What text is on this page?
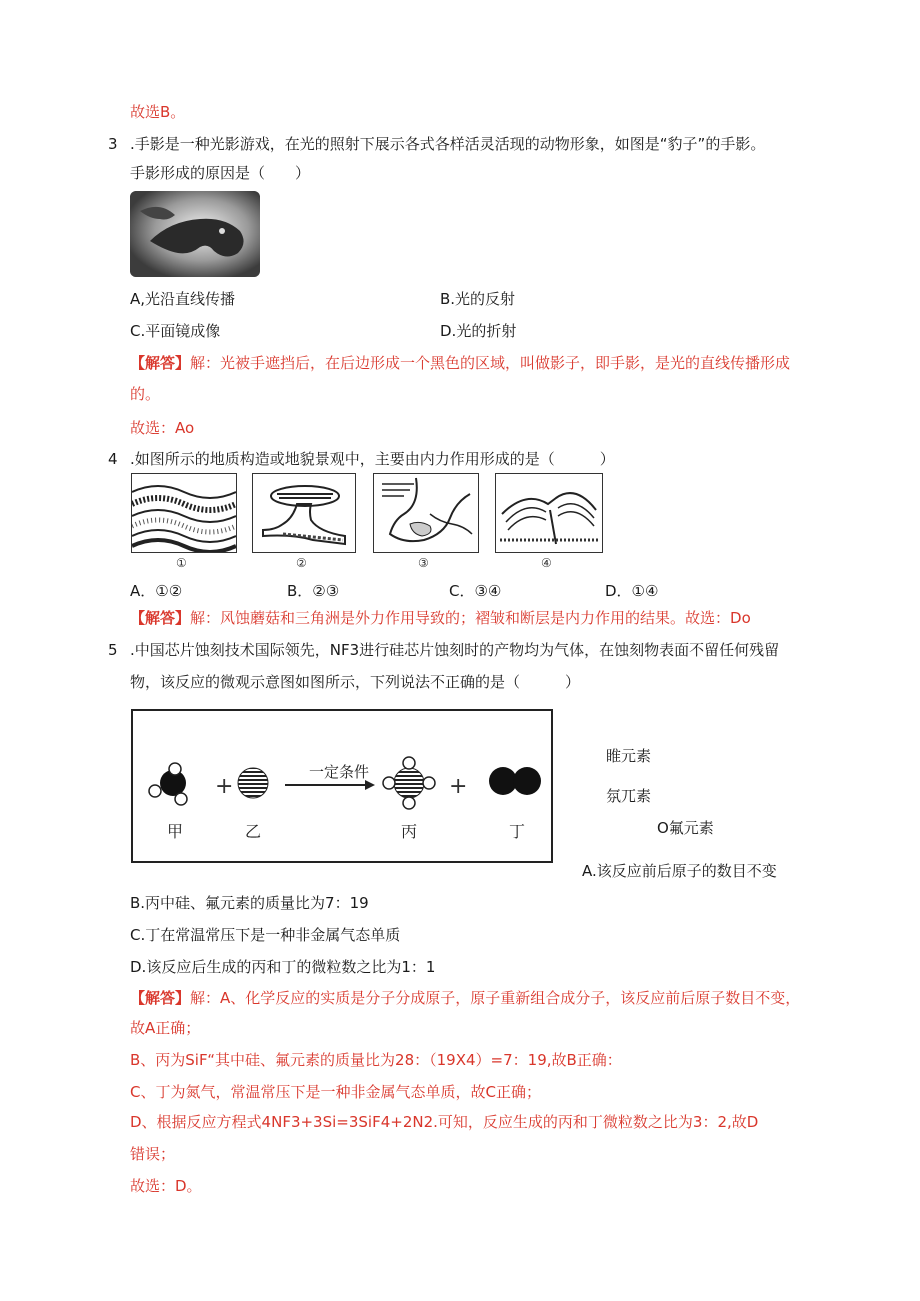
故选B。
3 .手影是一种光影游戏，在光的照射下展示各式各样活灵活现的动物形象，如图是“豹子”的手影。
手影形成的原因是（　　）
A,光沿直线传播	B.光的反射
C.平面镜成像	D.光的折射
【解答】解：光被手遮挡后，在后边形成一个黑色的区域，叫做影子，即手影，是光的直线传播形成
的。
故选：Ao
4 .如图所示的地质构造或地貌景观中，主要由内力作用形成的是（　　　）
①	②	③	④
A．①②	B．②③	C．③④	D．①④
【解答】解：风蚀蘑菇和三角洲是外力作用导致的；褶皱和断层是内力作用的结果。故选：Do
5 .中国芯片蚀刻技术国际领先，NF3进行硅芯片蚀刻时的产物均为气体，在蚀刻物表面不留任何残留
物，该反应的微观示意图如图所示，下列说法不正确的是（　　　）
+
一定条件
+
甲	乙	丙	丁
睢元素
氛兀素
O氟元素
A.该反应前后原子的数目不变
B.丙中硅、氟元素的质量比为7：19
C.丁在常温常压下是一种非金属气态单质
D.该反应后生成的丙和丁的微粒数之比为1：1
【解答】解：A、化学反应的实质是分子分成原子，原子重新组合成分子，该反应前后原子数目不变，
故A正确；
B、丙为SiF“其中硅、氟元素的质量比为28：（19X4）=7：19,故B正确：
C、丁为氮气，常温常压下是一种非金属气态单质，故C正确；
D、根据反应方程式4NF3+3Si=3SiF4+2N2.可知，反应生成的丙和丁微粒数之比为3：2,故D
错误；
故选：D。
